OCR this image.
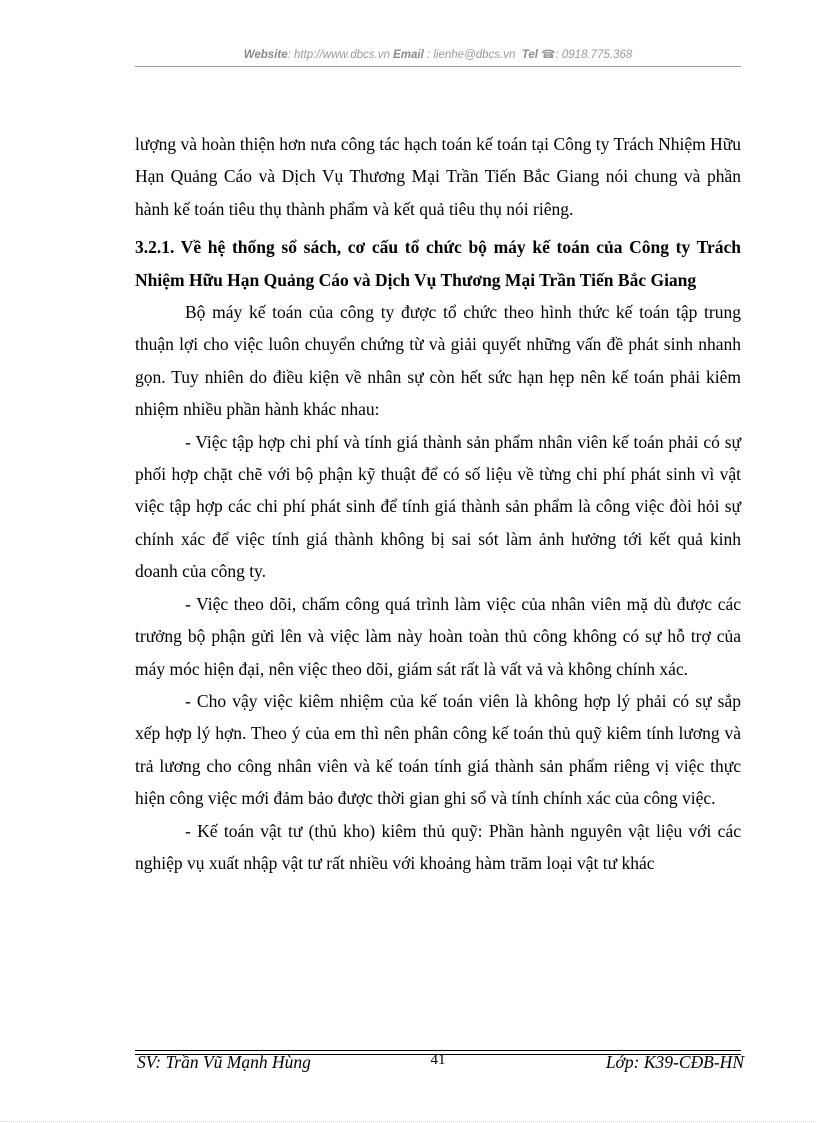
Website: http://www.dbcs.vn Email : lienhe@dbcs.vn Tel ☎: 0918.775.368

lượng và hoàn thiện hơn nưa công tác hạch toán kế toán tại Công ty Trách Nhiệm Hữu Hạn Quảng Cáo và Dịch Vụ Thương Mại Trần Tiến Bắc Giang nói chung và phần hành kế toán tiêu thụ thành phẩm và kết quả tiêu thụ nói riêng.

3.2.1. Về hệ thống sổ sách, cơ cấu tổ chức bộ máy kế toán của Công ty Trách Nhiệm Hữu Hạn Quảng Cáo và Dịch Vụ Thương Mại Trần Tiến Bắc Giang

Bộ máy kế toán của công ty được tổ chức theo hình thức kế toán tập trung thuận lợi cho việc luôn chuyển chứng từ và giải quyết những vấn đề phát sinh nhanh gọn. Tuy nhiên do điều kiện về nhân sự còn hết sức hạn hẹp nên kế toán phải kiêm nhiệm nhiều phần hành khác nhau:

- Việc tập hợp chi phí và tính giá thành sản phẩm nhân viên kế toán phải có sự phối hợp chặt chẽ với bộ phận kỹ thuật để có số liệu về từng chi phí phát sinh vì vật việc tập hợp các chi phí phát sinh để tính giá thành sản phẩm là công việc đòi hỏi sự chính xác để việc tính giá thành không bị sai sót làm ảnh hưởng tới kết quả kinh doanh của công ty.

- Việc theo dõi, chấm công quá trình làm việc của nhân viên mặ dù được các trưởng bộ phận gửi lên và việc làm này hoàn toàn thủ công không có sự hỗ trợ của máy móc hiện đại, nên việc theo dõi, giám sát rất là vất vả và không chính xác.

- Cho vậy việc kiêm nhiệm của kế toán viên là không hợp lý phải có sự sắp xếp hợp lý hợn. Theo ý của em thì nên phân công kế toán thủ quỹ kiêm tính lương và trả lương cho công nhân viên và kế toán tính giá thành sản phẩm riêng vị việc thực hiện công việc mới đảm bảo được thời gian ghi sổ và tính chính xác của công việc.

- Kế toán vật tư (thủ kho) kiêm thủ quỹ: Phần hành nguyên vật liệu với các nghiệp vụ xuất nhập vật tư rất nhiều với khoảng hàm trăm loại vật tư khác

SV: Trần Vũ Mạnh Hùng	41	Lớp: K39-CĐB-HN
